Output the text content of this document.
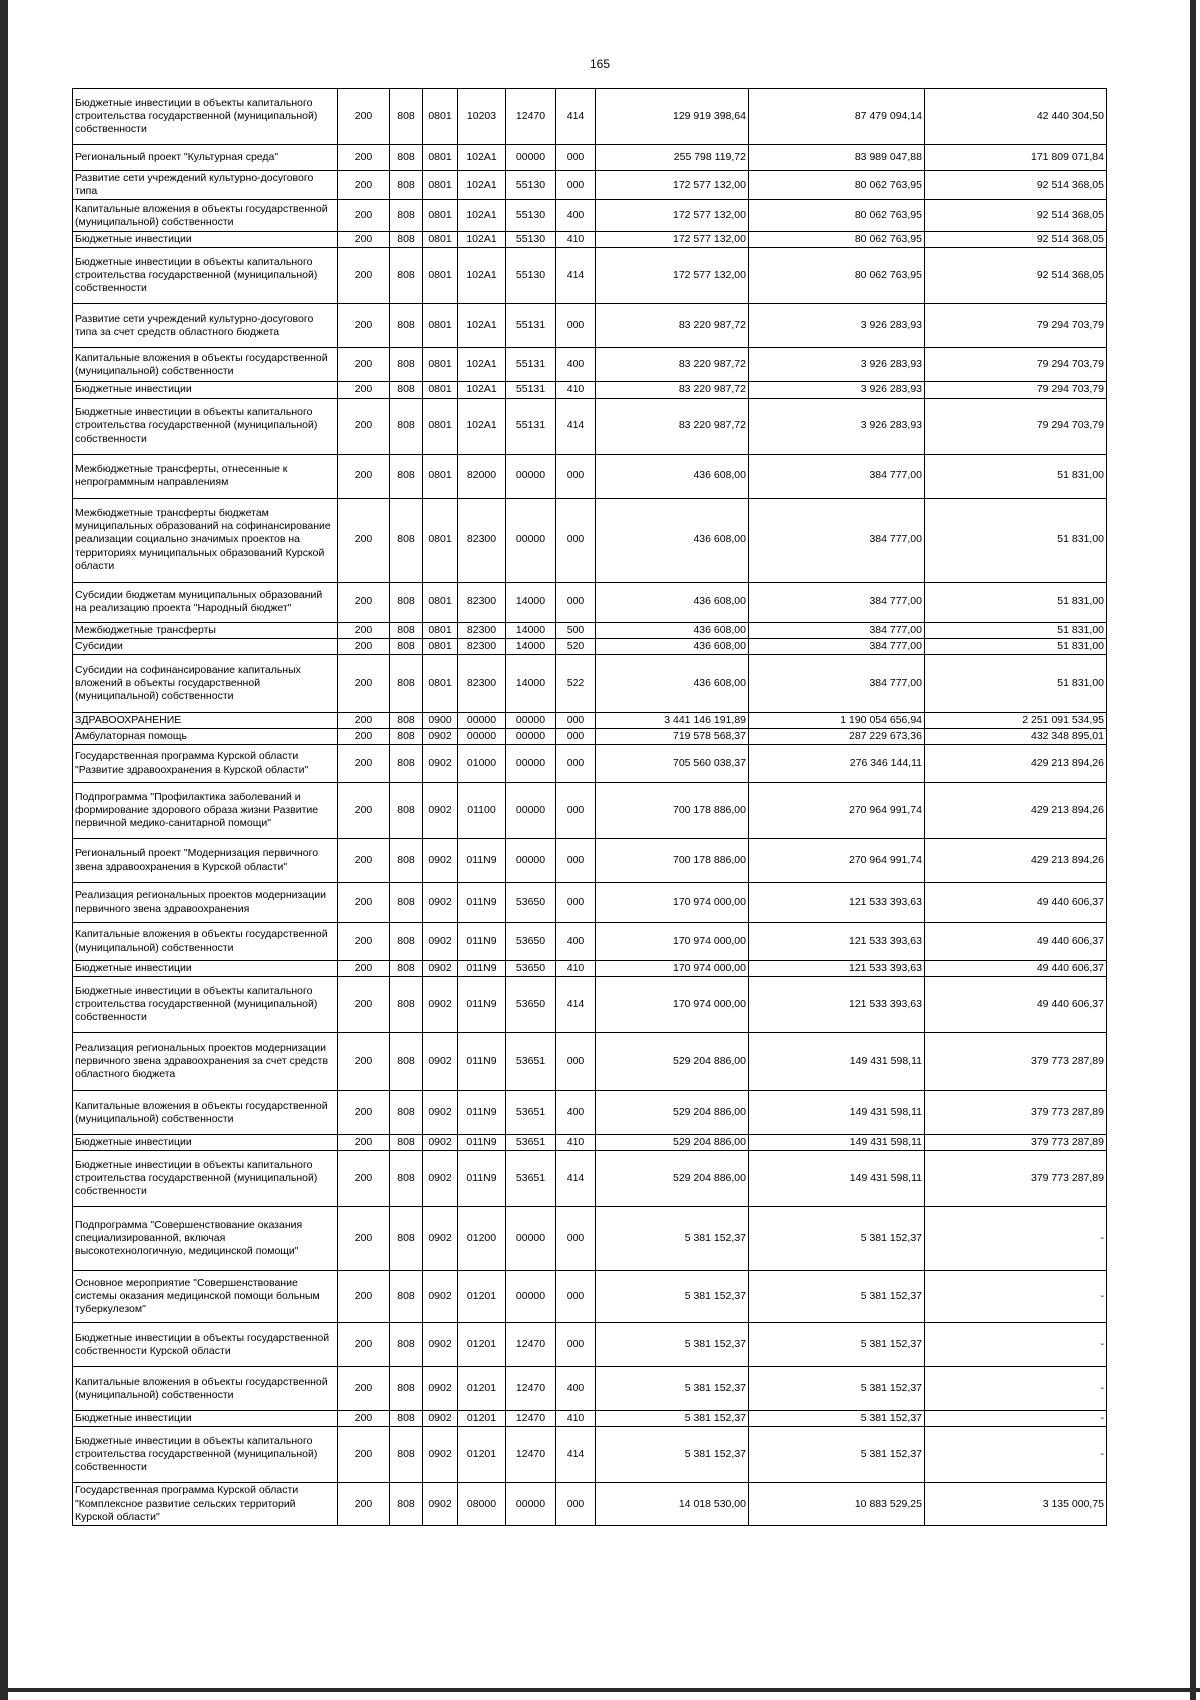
165
Бюджетные инвестиции в объекты капитального строительства государственной (муниципальной) собственности	200	808	0801	10203	12470	414	129 919 398,64	87 479 094,14	42 440 304,50
Региональный проект "Культурная среда"	200	808	0801	102A1	00000	000	255 798 119,72	83 989 047,88	171 809 071,84
Развитие сети учреждений культурно-досугового типа	200	808	0801	102A1	55130	000	172 577 132,00	80 062 763,95	92 514 368,05
Капитальные вложения в объекты государственной (муниципальной) собственности	200	808	0801	102A1	55130	400	172 577 132,00	80 062 763,95	92 514 368,05
Бюджетные инвестиции	200	808	0801	102A1	55130	410	172 577 132,00	80 062 763,95	92 514 368,05
Бюджетные инвестиции в объекты капитального строительства государственной (муниципальной) собственности	200	808	0801	102A1	55130	414	172 577 132,00	80 062 763,95	92 514 368,05
Развитие сети учреждений культурно-досугового типа за счет средств областного бюджета	200	808	0801	102A1	55131	000	83 220 987,72	3 926 283,93	79 294 703,79
Капитальные вложения в объекты государственной (муниципальной) собственности	200	808	0801	102A1	55131	400	83 220 987,72	3 926 283,93	79 294 703,79
Бюджетные инвестиции	200	808	0801	102A1	55131	410	83 220 987,72	3 926 283,93	79 294 703,79
Бюджетные инвестиции в объекты капитального строительства государственной (муниципальной) собственности	200	808	0801	102A1	55131	414	83 220 987,72	3 926 283,93	79 294 703,79
Межбюджетные трансферты, отнесенные к непрограммным направлениям	200	808	0801	82000	00000	000	436 608,00	384 777,00	51 831,00
Межбюджетные трансферты бюджетам муниципальных образований на софинансирование реализации социально значимых проектов на территориях муниципальных образований Курской области	200	808	0801	82300	00000	000	436 608,00	384 777,00	51 831,00
Субсидии бюджетам муниципальных образований на реализацию проекта "Народный бюджет"	200	808	0801	82300	14000	000	436 608,00	384 777,00	51 831,00
Межбюджетные трансферты	200	808	0801	82300	14000	500	436 608,00	384 777,00	51 831,00
Субсидии	200	808	0801	82300	14000	520	436 608,00	384 777,00	51 831,00
Субсидии на софинансирование капитальных вложений в объекты государственной (муниципальной) собственности	200	808	0801	82300	14000	522	436 608,00	384 777,00	51 831,00
ЗДРАВООХРАНЕНИЕ	200	808	0900	00000	00000	000	3 441 146 191,89	1 190 054 656,94	2 251 091 534,95
Амбулаторная помощь	200	808	0902	00000	00000	000	719 578 568,37	287 229 673,36	432 348 895,01
Государственная программа Курской области "Развитие здравоохранения в Курской области"	200	808	0902	01000	00000	000	705 560 038,37	276 346 144,11	429 213 894,26
Подпрограмма "Профилактика заболеваний и формирование здорового образа жизни Развитие первичной медико-санитарной помощи"	200	808	0902	01100	00000	000	700 178 886,00	270 964 991,74	429 213 894,26
Региональный проект "Модернизация первичного звена здравоохранения в Курской области"	200	808	0902	011N9	00000	000	700 178 886,00	270 964 991,74	429 213 894,26
Реализация региональных проектов модернизации первичного звена здравоохранения	200	808	0902	011N9	53650	000	170 974 000,00	121 533 393,63	49 440 606,37
Капитальные вложения в объекты государственной (муниципальной) собственности	200	808	0902	011N9	53650	400	170 974 000,00	121 533 393,63	49 440 606,37
Бюджетные инвестиции	200	808	0902	011N9	53650	410	170 974 000,00	121 533 393,63	49 440 606,37
Бюджетные инвестиции в объекты капитального строительства государственной (муниципальной) собственности	200	808	0902	011N9	53650	414	170 974 000,00	121 533 393,63	49 440 606,37
Реализация региональных проектов модернизации первичного звена здравоохранения за счет средств областного бюджета	200	808	0902	011N9	53651	000	529 204 886,00	149 431 598,11	379 773 287,89
Капитальные вложения в объекты государственной (муниципальной) собственности	200	808	0902	011N9	53651	400	529 204 886,00	149 431 598,11	379 773 287,89
Бюджетные инвестиции	200	808	0902	011N9	53651	410	529 204 886,00	149 431 598,11	379 773 287,89
Бюджетные инвестиции в объекты капитального строительства государственной (муниципальной) собственности	200	808	0902	011N9	53651	414	529 204 886,00	149 431 598,11	379 773 287,89
Подпрограмма "Совершенствование оказания специализированной, включая высокотехнологичную, медицинской помощи"	200	808	0902	01200	00000	000	5 381 152,37	5 381 152,37	-
Основное мероприятие "Совершенствование системы оказания медицинской помощи больным туберкулезом"	200	808	0902	01201	00000	000	5 381 152,37	5 381 152,37	-
Бюджетные инвестиции в объекты государственной собственности Курской области	200	808	0902	01201	12470	000	5 381 152,37	5 381 152,37	-
Капитальные вложения в объекты государственной (муниципальной) собственности	200	808	0902	01201	12470	400	5 381 152,37	5 381 152,37	-
Бюджетные инвестиции	200	808	0902	01201	12470	410	5 381 152,37	5 381 152,37	-
Бюджетные инвестиции в объекты капитального строительства государственной (муниципальной) собственности	200	808	0902	01201	12470	414	5 381 152,37	5 381 152,37	-
Государственная программа Курской области "Комплексное развитие сельских территорий Курской области"	200	808	0902	08000	00000	000	14 018 530,00	10 883 529,25	3 135 000,75
